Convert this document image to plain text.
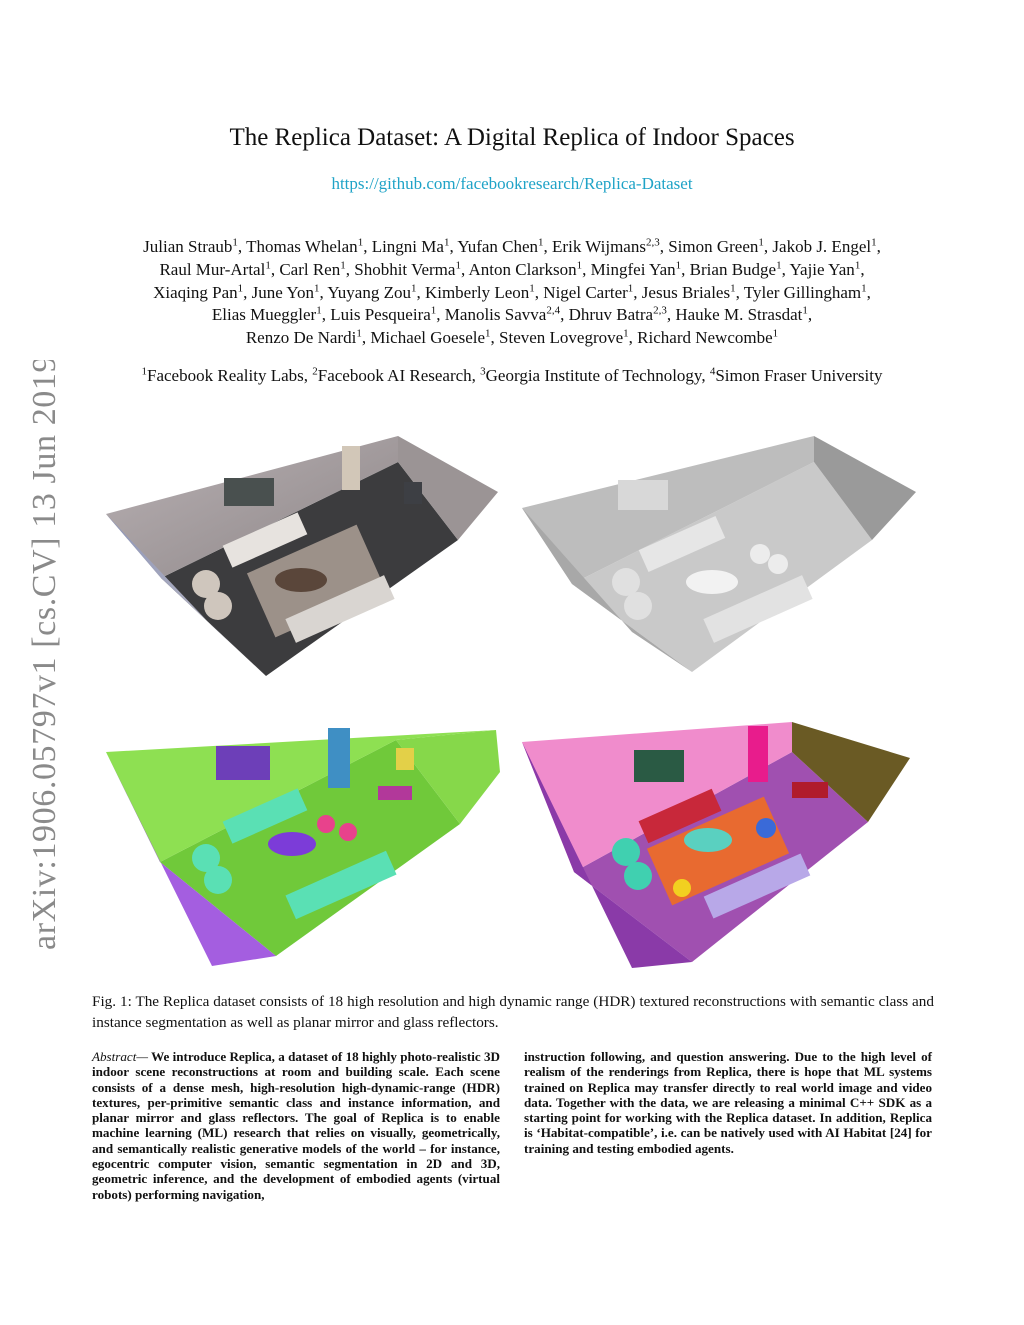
arXiv:1906.05797v1 [cs.CV] 13 Jun 2019
The Replica Dataset: A Digital Replica of Indoor Spaces
https://github.com/facebookresearch/Replica-Dataset
Julian Straub$^1$, Thomas Whelan$^1$, Lingni Ma$^1$, Yufan Chen$^1$, Erik Wijmans$^{2,3}$, Simon Green$^1$, Jakob J. Engel$^1$,
Raul Mur-Artal$^1$, Carl Ren$^1$, Shobhit Verma$^1$, Anton Clarkson$^1$, Mingfei Yan$^1$, Brian Budge$^1$, Yajie Yan$^1$,
Xiaqing Pan$^1$, June Yon$^1$, Yuyang Zou$^1$, Kimberly Leon$^1$, Nigel Carter$^1$, Jesus Briales$^1$, Tyler Gillingham$^1$,
Elias Mueggler$^1$, Luis Pesqueira$^1$, Manolis Savva$^{2,4}$, Dhruv Batra$^{2,3}$, Hauke M. Strasdat$^1$,
Renzo De Nardi$^1$, Michael Goesele$^1$, Steven Lovegrove$^1$, Richard Newcombe$^1$
$^1$Facebook Reality Labs, $^2$Facebook AI Research, $^3$Georgia Institute of Technology, $^4$Simon Fraser University
Fig. 1: The Replica dataset consists of 18 high resolution and high dynamic range (HDR) textured reconstructions with semantic class and instance segmentation as well as planar mirror and glass reflectors.
Abstract— We introduce Replica, a dataset of 18 highly photo-realistic 3D indoor scene reconstructions at room and building scale. Each scene consists of a dense mesh, high-resolution high-dynamic-range (HDR) textures, per-primitive semantic class and instance information, and planar mirror and glass reflectors. The goal of Replica is to enable machine learning (ML) research that relies on visually, geometrically, and semantically realistic generative models of the world – for instance, egocentric computer vision, semantic segmentation in 2D and 3D, geometric inference, and the development of embodied agents (virtual robots) performing navigation,
instruction following, and question answering. Due to the high level of realism of the renderings from Replica, there is hope that ML systems trained on Replica may transfer directly to real world image and video data. Together with the data, we are releasing a minimal C++ SDK as a starting point for working with the Replica dataset. In addition, Replica is ‘Habitat-compatible’, i.e. can be natively used with AI Habitat [24] for training and testing embodied agents.
